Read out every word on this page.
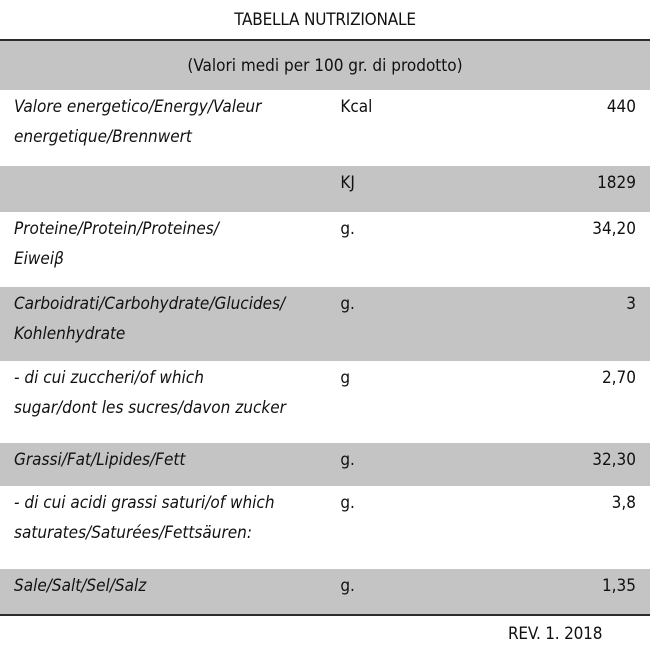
TABELLA NUTRIZIONALE		
(Valori medi per 100 gr. di prodotto)		

Valore energetico/Energy/Valeur
energetique/Brennwert	Kcal	440

	KJ	1829

Proteine/Protein/Proteines/
Eiweiβ	g.	34,20

Carboidrati/Carbohydrate/Glucides/
Kohlenhydrate	g.	3

- di cui zuccheri/of which
sugar/dont les sucres/davon zucker	g	2,70

Grassi/Fat/Lipides/Fett	g.	32,30

- di cui acidi grassi saturi/of which
saturates/Saturées/Fettsäuren:	g.	3,8

Sale/Salt/Sel/Salz	g.	1,35
REV. 1. 2018
